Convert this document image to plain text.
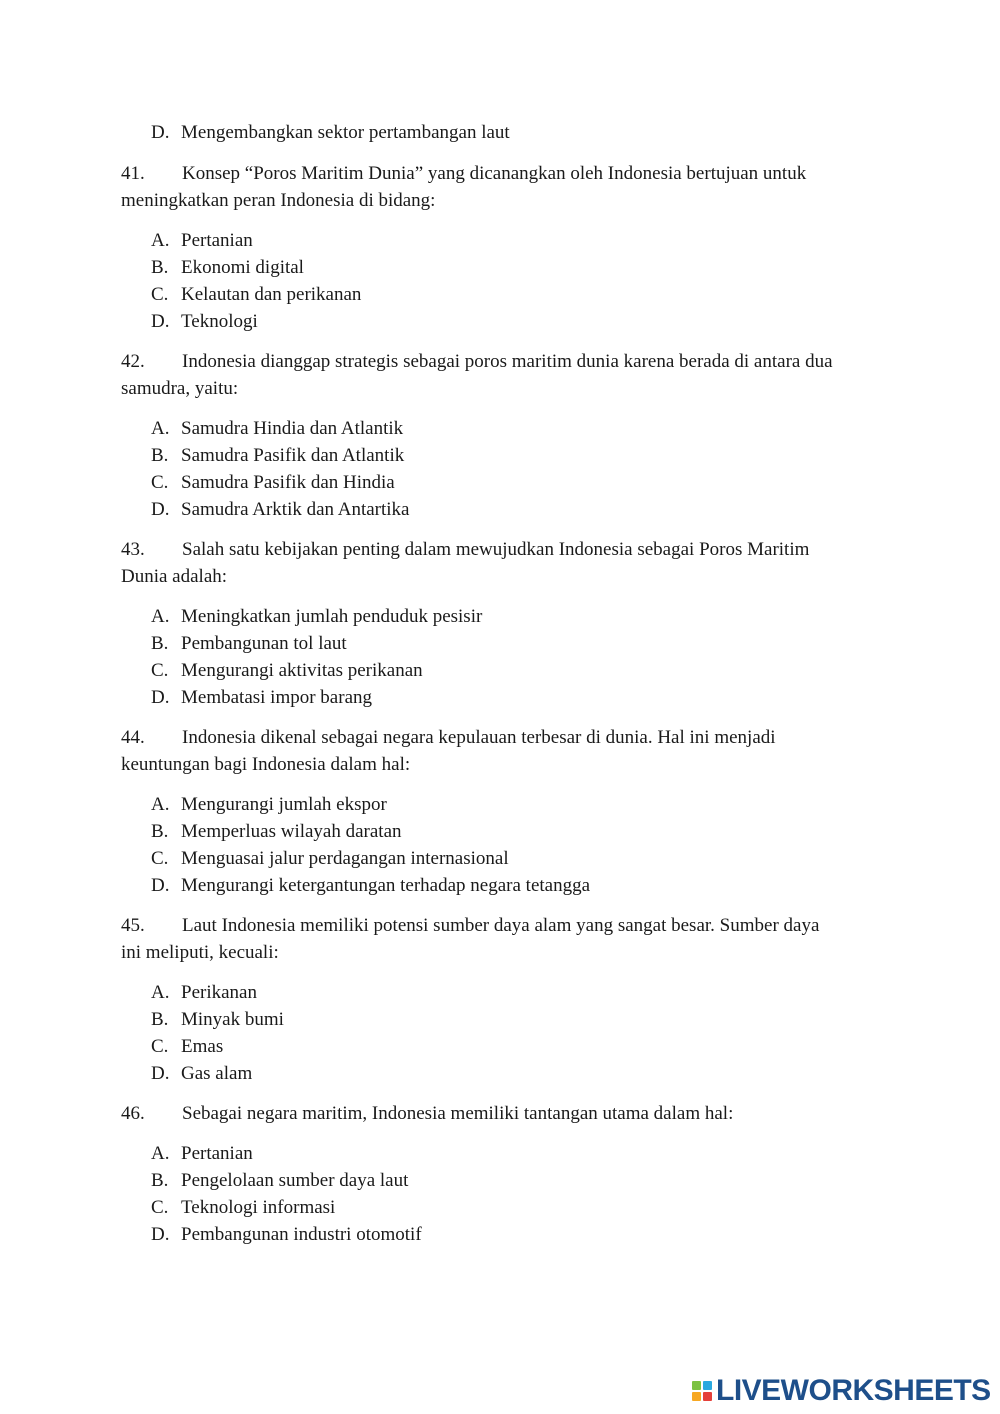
D. Mengembangkan sektor pertambangan laut
41. Konsep “Poros Maritim Dunia” yang dicanangkan oleh Indonesia bertujuan untuk
meningkatkan peran Indonesia di bidang:
A. Pertanian
B. Ekonomi digital
C. Kelautan dan perikanan
D. Teknologi
42. Indonesia dianggap strategis sebagai poros maritim dunia karena berada di antara dua
samudra, yaitu:
A. Samudra Hindia dan Atlantik
B. Samudra Pasifik dan Atlantik
C. Samudra Pasifik dan Hindia
D. Samudra Arktik dan Antartika
43. Salah satu kebijakan penting dalam mewujudkan Indonesia sebagai Poros Maritim
Dunia adalah:
A. Meningkatkan jumlah penduduk pesisir
B. Pembangunan tol laut
C. Mengurangi aktivitas perikanan
D. Membatasi impor barang
44. Indonesia dikenal sebagai negara kepulauan terbesar di dunia. Hal ini menjadi
keuntungan bagi Indonesia dalam hal:
A. Mengurangi jumlah ekspor
B. Memperluas wilayah daratan
C. Menguasai jalur perdagangan internasional
D. Mengurangi ketergantungan terhadap negara tetangga
45. Laut Indonesia memiliki potensi sumber daya alam yang sangat besar. Sumber daya
ini meliputi, kecuali:
A. Perikanan
B. Minyak bumi
C. Emas
D. Gas alam
46. Sebagai negara maritim, Indonesia memiliki tantangan utama dalam hal:
A. Pertanian
B. Pengelolaan sumber daya laut
C. Teknologi informasi
D. Pembangunan industri otomotif
LIVEWORKSHEETS
